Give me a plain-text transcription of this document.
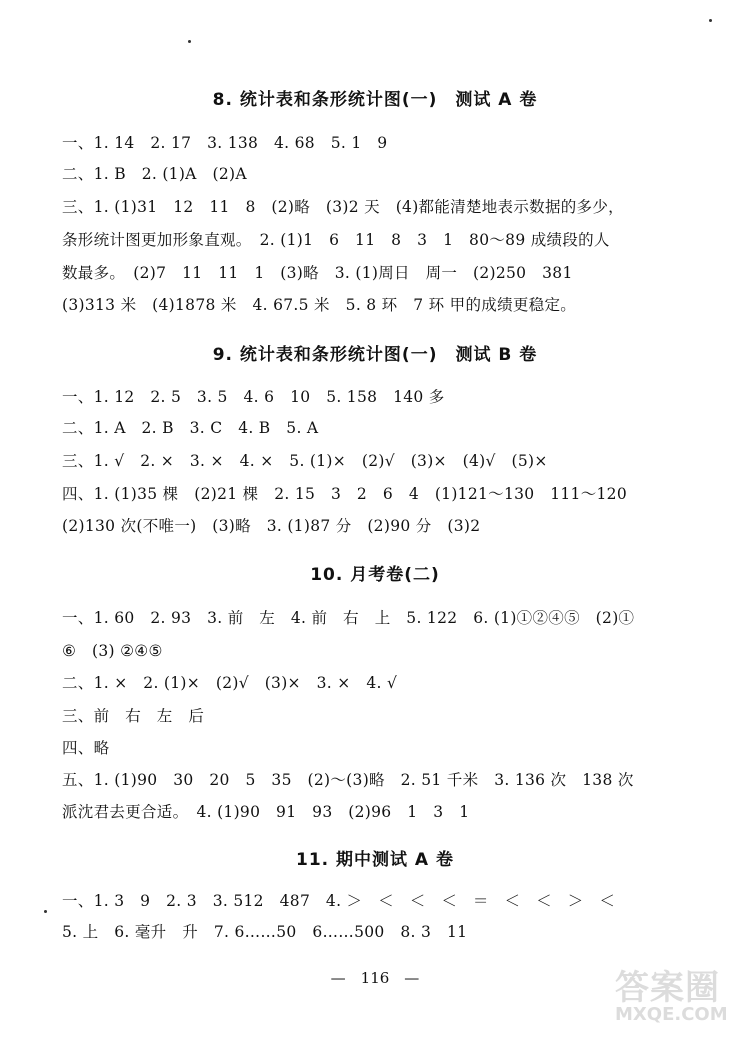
8. 统计表和条形统计图(一)　测试 A 卷
一、1. 14　2. 17　3. 138　4. 68　5. 1　9
二、1. B　2. (1)A　(2)A
三、1. (1)31　12　11　8　(2)略　(3)2 天　(4)都能清楚地表示数据的多少，
条形统计图更加形象直观。　2. (1)1　6　11　8　3　1　80～89 成绩段的人
数最多。　(2)7　11　11　1　(3)略　3. (1)周日　周一　(2)250　381
(3)313 米　(4)1878 米　4. 67.5 米　5. 8 环　7 环 甲的成绩更稳定。
9. 统计表和条形统计图(一)　测试 B 卷
一、1. 12　2. 5　3. 5　4. 6　10　5. 158　140 多
二、1. A　2. B　3. C　4. B　5. A
三、1. √　2. ×　3. ×　4. ×　5. (1)×　(2)√　(3)×　(4)√　(5)×
四、1. (1)35 棵　(2)21 棵　2. 15　3　2　6　4　(1)121～130　111～120
(2)130 次(不唯一)　(3)略　3. (1)87 分　(2)90 分　(3)2
10. 月考卷(二)
一、1. 60　2. 93　3. 前　左　4. 前　右　上　5. 122　6. (1)①②④⑤　(2)①
⑥　(3) ②④⑤
二、1. ×　2. (1)×　(2)√　(3)×　3. ×　4. √
三、前　右　左　后
四、略
五、1. (1)90　30　20　5　35　(2)～(3)略　2. 51 千米　3. 136 次　138 次
派沈君去更合适。　4. (1)90　91　93　(2)96　1　3　1
11. 期中测试 A 卷
一、1. 3　9　2. 3　3. 512　487　4. ＞　＜　＜　＜　＝　＜　＜　＞　＜
5. 上　6. 毫升　升　7. 6……50　6……500　8. 3　11
—　116　—	答案圈
MXQE.COM
